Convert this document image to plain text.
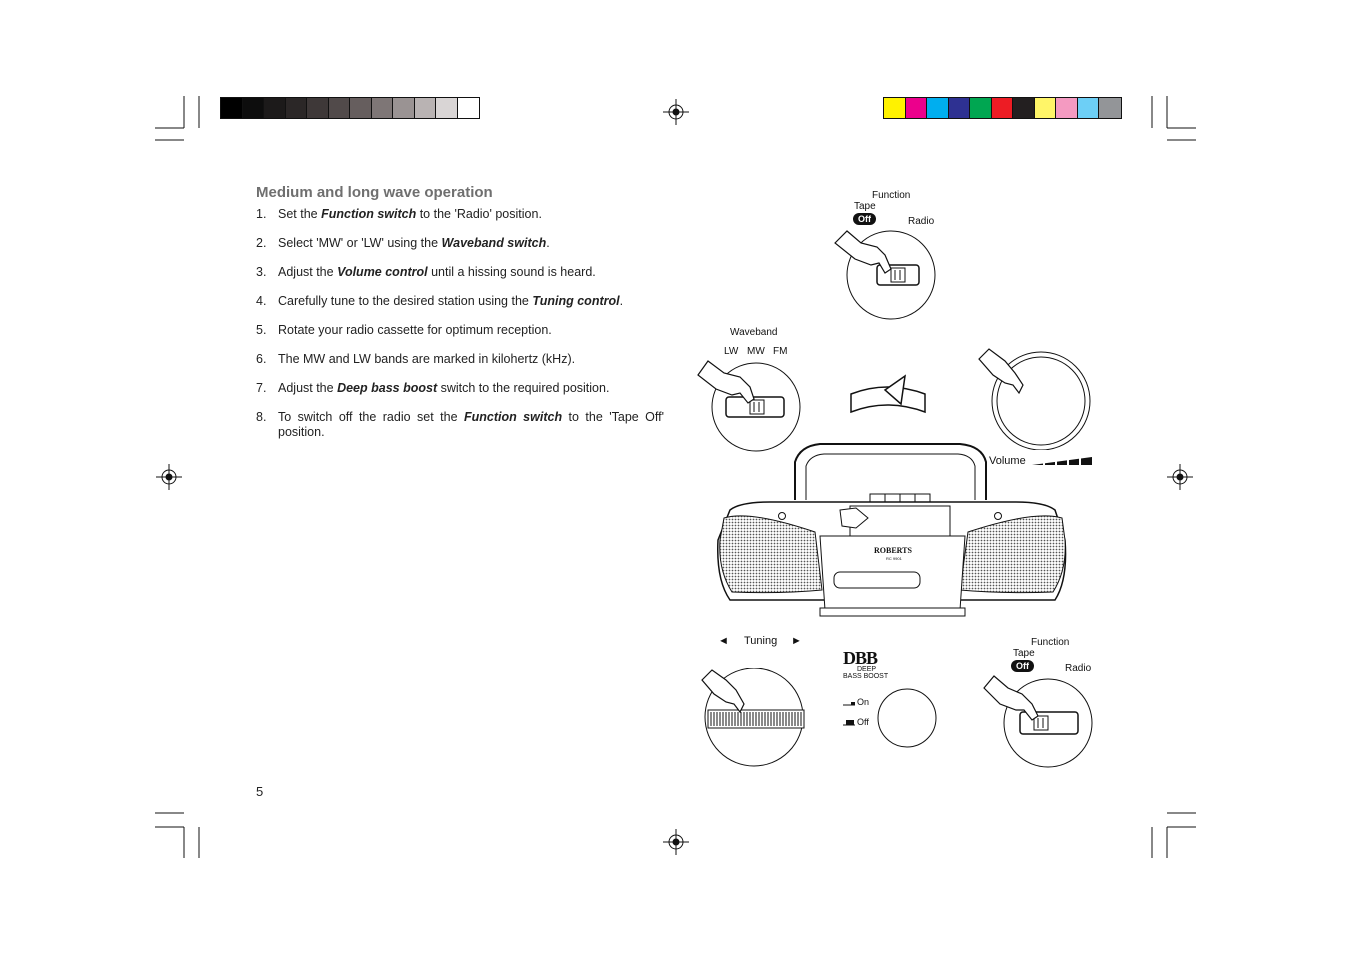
Medium and long wave operation
1. Set the Function switch to the 'Radio' position.
2. Select 'MW' or 'LW' using the Waveband switch.
3. Adjust the Volume control until a hissing sound is heard.
4. Carefully tune to the desired station using the Tuning control.
5. Rotate your radio cassette for optimum reception.
6. The MW and LW bands are marked in kilohertz (kHz).
7. Adjust the Deep bass boost switch to the required position.
8. To switch off the radio set the Function switch to the 'Tape Off' position.
5
Function
Tape
Off	Radio
Waveband
LW MW FM
Volume
ROBERTS
RC 9901
◄ Tuning ►
DBB
DEEP
BASS BOOST
On
Off
Function
Tape
Off	Radio
